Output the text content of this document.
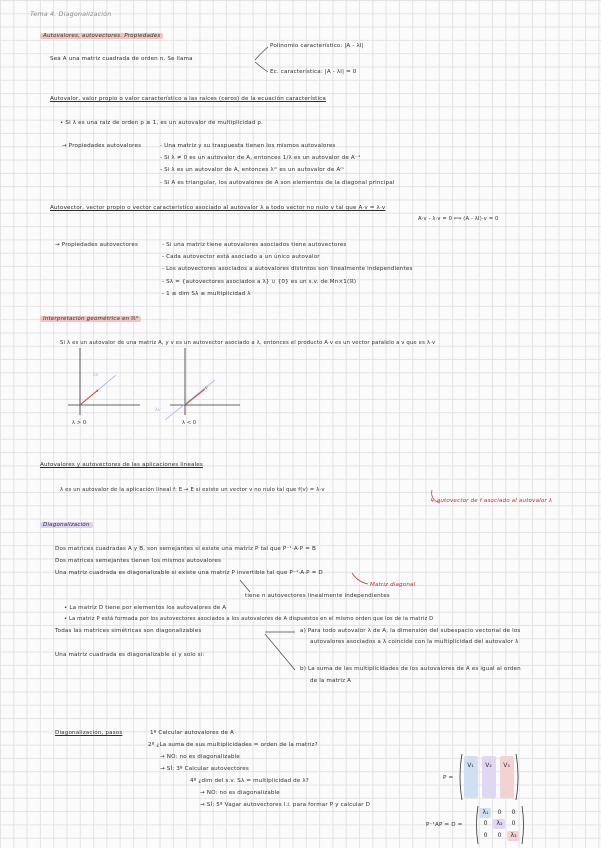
Tema 4. Diagonalización
Autovalores, autovectores. Propiedades
Sea A una matriz cuadrada de orden n. Se llama
Polinomio característico: |A - λI|
Ec. característica: |A - λI| = 0
Autovalor, valor propio o valor característico a las raíces (ceros) de la ecuación característica
• Si λ es una raíz de orden p ≥ 1, es un autovalor de multiplicidad p.
→ Propiedades autovalores	- Una matriz y su traspuesta tienen los mismos autovalores
- Si λ ≠ 0 es un autovalor de A, entonces 1/λ es un autovalor de A⁻¹
- Si λ es un autovalor de A, entonces λᵐ es un autovalor de Aᵐ
- Si A es triangular, los autovalores de A son elementos de la diagonal principal
Autovector, vector propio o vector característico asociado al autovalor λ a todo vector no nulo v tal que A·v = λ·v
A·v - λ·v = 0 ⟺ (A - λI)·v = 0
→ Propiedades autovectores	- Si una matriz tiene autovalores asociados tiene autovectores
- Cada autovector está asociado a un único autovalor
- Los autovectores asociados a autovalores distintos son linealmente independientes
- Sλ = {autovectores asociados a λ} ∪ {0} es un s.v. de Mn×1(ℝ)
- 1 ≤ dim Sλ ≤ multiplicidad λ
Interpretación geométrica en ℝ²
Si λ es un autovalor de una matriz A, y v es un autovector asociado a λ, entonces el producto A·v es un vector paralelo a v que es λ·v
λv
v
λ > 0
λv
v
λ < 0
Autovalores y autovectores de las aplicaciones lineales
λ es un autovalor de la aplicación lineal f: E → E si existe un vector v no nulo tal que f(v) = λ·v
↳ autovector de f asociado al autovalor λ
Diagonalización
Dos matrices cuadradas A y B, son semejantes si existe una matriz P tal que P⁻¹·A·P = B
Dos matrices semejantes tienen los mismos autovalores
Una matriz cuadrada es diagonalizable si existe una matriz P invertible tal que P⁻¹·A·P = D
Matriz diagonal
tiene n autovectores linealmente independientes
• La matriz D tiene por elementos los autovalores de A
• La matriz P está formada por los autovectores asociados a los autovalores de A dispuestos en el mismo orden que los de la matriz D
Todas las matrices simétricas son diagonalizables
Una matriz cuadrada es diagonalizable si y solo si:
a) Para todo autovalor λ de A, la dimensión del subespacio vectorial de los
autovalores asociados a λ coincide con la multiplicidad del autovalor λ
b) La suma de las multiplicidades de los autovalores de A es igual al orden
de la matriz A
Diagonalización, pasos	1º Calcular autovalores de A
2º ¿La suma de sus multiplicidades = orden de la matriz?
→ NO: no es diagonalizable
→ SÍ: 3º Calcular autovectores
4º ¿dim del s.v. Sλ = multiplicidad de λ?
→ NO: no es diagonalizable
→ SÍ: 5º Vagar autovectores l.i. para formar P y calcular D
P =
V₁	V₂	V₃
P⁻¹AP = D =
λ₁	0	0
0	λ₂	0
0	0	λ₃
